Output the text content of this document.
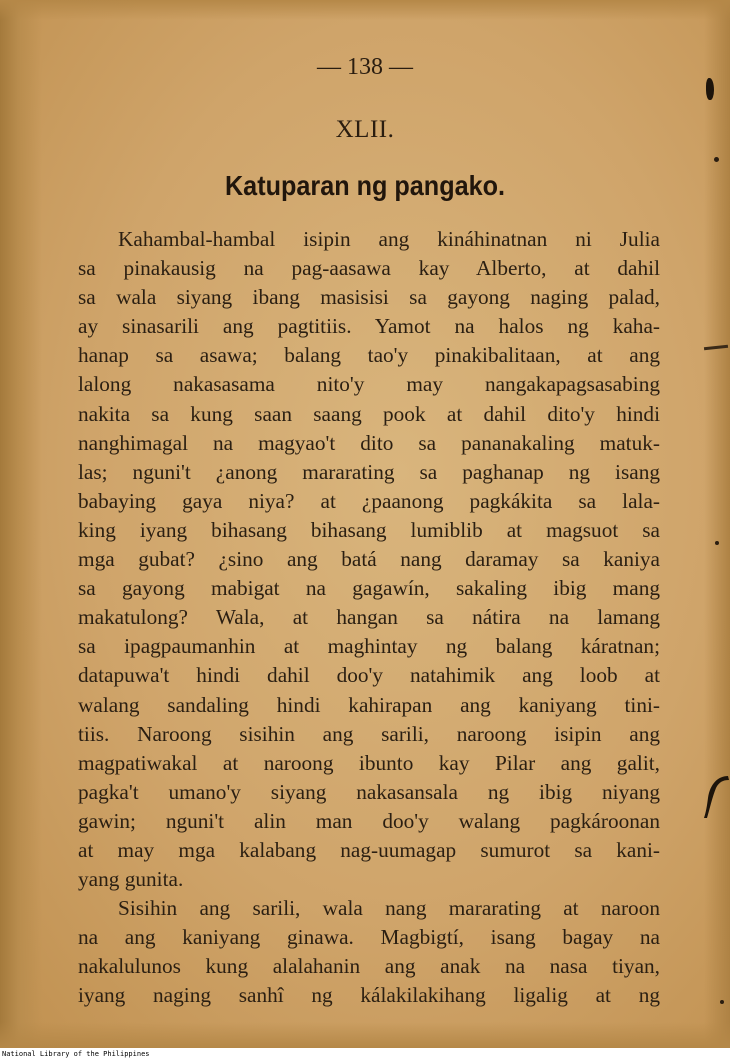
— 138 —
XLII.
Katuparan ng pangako.
Kahambal-hambal isipin ang kináhinatnan ni Julia
sa pinakausig na pag-aasawa kay Alberto, at dahil
sa wala siyang ibang masisisi sa gayong naging palad,
ay sinasarili ang pagtitiis. Yamot na halos ng kaha-
hanap sa asawa; balang tao'y pinakibalitaan, at ang
lalong nakasasama nito'y may nangakapagsasabing
nakita sa kung saan saang pook at dahil dito'y hindi
nanghimagal na magyao't dito sa pananakaling matuk-
las; nguni't ¿anong mararating sa paghanap ng isang
babaying gaya niya? at ¿paanong pagkákita sa lala-
king iyang bihasang bihasang lumiblib at magsuot sa
mga gubat? ¿sino ang batá nang daramay sa kaniya
sa gayong mabigat na gagawín, sakaling ibig mang
makatulong? Wala, at hangan sa nátira na lamang
sa ipagpaumanhin at maghintay ng balang káratnan;
datapuwa't hindi dahil doo'y natahimik ang loob at
walang sandaling hindi kahirapan ang kaniyang tini-
tiis. Naroong sisihin ang sarili, naroong isipin ang
magpatiwakal at naroong ibunto kay Pilar ang galit,
pagka't umano'y siyang nakasansala ng ibig niyang
gawin; nguni't alin man doo'y walang pagkároonan
at may mga kalabang nag-uumagap sumurot sa kani-
yang gunita.
Sisihin ang sarili, wala nang mararating at naroon
na ang kaniyang ginawa. Magbigtí, isang bagay na
nakalulunos kung alalahanin ang anak na nasa tiyan,
iyang naging sanhî ng kálakilakihang ligalig at ng
National Library of the Philippines
